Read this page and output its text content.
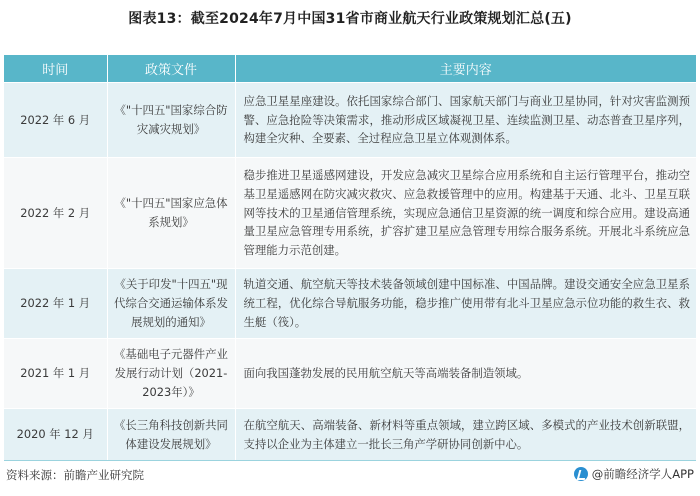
图表13：截至2024年7月中国31省市商业航天行业政策规划汇总(五)
时间	政策文件	主要内容
2022 年 6 月	《"十四五"国家综合防灾减灾规划》	应急卫星星座建设。依托国家综合部门、国家航天部门与商业卫星协同，针对灾害监测预警、应急抢险等决策需求，推动形成区域凝视卫星、连续监测卫星、动态普查卫星序列，构建全灾种、全要素、全过程应急卫星立体观测体系。
2022 年 2 月	《"十四五"国家应急体系规划》	稳步推进卫星遥感网建设，开发应急减灾卫星综合应用系统和自主运行管理平台，推动空基卫星遥感网在防灾减灾救灾、应急救援管理中的应用。构建基于天通、北斗、卫星互联网等技术的卫星通信管理系统，实现应急通信卫星资源的统一调度和综合应用。建设高通量卫星应急管理专用系统，扩容扩建卫星应急管理专用综合服务系统。开展北斗系统应急管理能力示范创建。
2022 年 1 月	《关于印发"十四五"现代综合交通运输体系发展规划的通知》	轨道交通、航空航天等技术装备领域创建中国标准、中国品牌。建设交通安全应急卫星系统工程，优化综合导航服务功能，稳步推广使用带有北斗卫星应急示位功能的救生衣、救生艇（筏）。
2021 年 1 月	《基础电子元器件产业发展行动计划（2021-2023年）》	面向我国蓬勃发展的民用航空航天等高端装备制造领域。
2020 年 12 月	《长三角科技创新共同体建设发展规划》	在航空航天、高端装备、新材料等重点领域，建立跨区域、多模式的产业技术创新联盟，支持以企业为主体建立一批长三角产学研协同创新中心。
资料来源：前瞻产业研究院	@前瞻经济学人APP
